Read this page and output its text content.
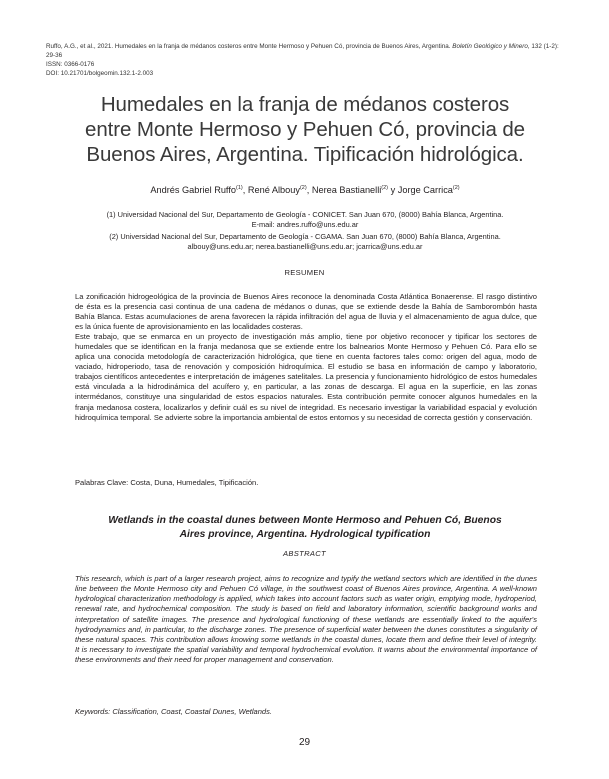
Ruffo, A.G., et al., 2021. Humedales en la franja de médanos costeros entre Monte Hermoso y Pehuen Có, provincia de Buenos Aires, Argentina. Boletín Geológico y Minero, 132 (1-2): 29-36
ISSN: 0366-0176
DOI: 10.21701/bolgeomin.132.1-2.003
Humedales en la franja de médanos costeros
entre Monte Hermoso y Pehuen Có, provincia de
Buenos Aires, Argentina. Tipificación hidrológica.
Andrés Gabriel Ruffo$^{(1)}$, René Albouy$^{(2)}$, Nerea Bastianelli$^{(2)}$ y Jorge Carrica$^{(2)}$
(1) Universidad Nacional del Sur, Departamento de Geología - CONICET. San Juan 670, (8000) Bahía Blanca, Argentina.
E-mail: andres.ruffo@uns.edu.ar
(2) Universidad Nacional del Sur, Departamento de Geología - CGAMA. San Juan 670, (8000) Bahía Blanca, Argentina.
albouy@uns.edu.ar; nerea.bastianelli@uns.edu.ar; jcarrica@uns.edu.ar
RESUMEN

La zonificación hidrogeológica de la provincia de Buenos Aires reconoce la denominada Costa Atlántica Bonaerense. El rasgo distintivo de ésta es la presencia casi continua de una cadena de médanos o dunas, que se extiende desde la Bahía de Samborombón hasta Bahía Blanca. Estas acumulaciones de arena favorecen la rápida infiltración del agua de lluvia y el almacenamiento de agua dulce, que es la única fuente de aprovisionamiento en las localidades costeras.

Este trabajo, que se enmarca en un proyecto de investigación más amplio, tiene por objetivo reconocer y tipificar los sectores de humedales que se identifican en la franja medanosa que se extiende entre los balnearios Monte Hermoso y Pehuen Có. Para ello se aplica una conocida metodología de caracterización hidrológica, que tiene en cuenta factores tales como: origen del agua, modo de vaciado, hidroperiodo, tasa de renovación y composición hidroquímica. El estudio se basa en información de campo y laboratorio, trabajos científicos antecedentes e interpretación de imágenes satelitales. La presencia y funcionamiento hidrológico de estos humedales está vinculada a la hidrodinámica del acuífero y, en particular, a las zonas de descarga. El agua en la superficie, en las zonas intermédanos, constituye una singularidad de estos espacios naturales. Esta contribución permite conocer algunos humedales en la franja medanosa costera, localizarlos y definir cuál es su nivel de integridad. Es necesario investigar la variabilidad espacial y evolución hidroquímica temporal. Se advierte sobre la importancia ambiental de estos entornos y su necesidad de correcta gestión y conservación.

Palabras Clave: Costa, Duna, Humedales, Tipificación.
Wetlands in the coastal dunes between Monte Hermoso and Pehuen Có, Buenos
Aires province, Argentina. Hydrological typification
ABSTRACT
This research, which is part of a larger research project, aims to recognize and typify the wetland sectors which are identified in the dunes line between the Monte Hermoso city and Pehuen Có village, in the southwest coast of Buenos Aires province, Argentina. A well-known hydrological characterization methodology is applied, which takes into account factors such as water origin, emptying mode, hydroperiod, renewal rate, and hydrochemical composition. The study is based on field and laboratory information, scientific background works and interpretation of satellite images. The presence and hydrological functioning of these wetlands are essentially linked to the aquifer's hydrodynamics and, in particular, to the discharge zones. The presence of superficial water between the dunes constitutes a singularity of these natural spaces. This contribution allows knowing some wetlands in the coastal dunes, locate them and define their level of integrity. It is necessary to investigate the spatial variability and temporal hydrochemical evolution. It warns about the environmental importance of these environments and their need for proper management and conservation.
Keywords: Classification, Coast, Coastal Dunes, Wetlands.
29
